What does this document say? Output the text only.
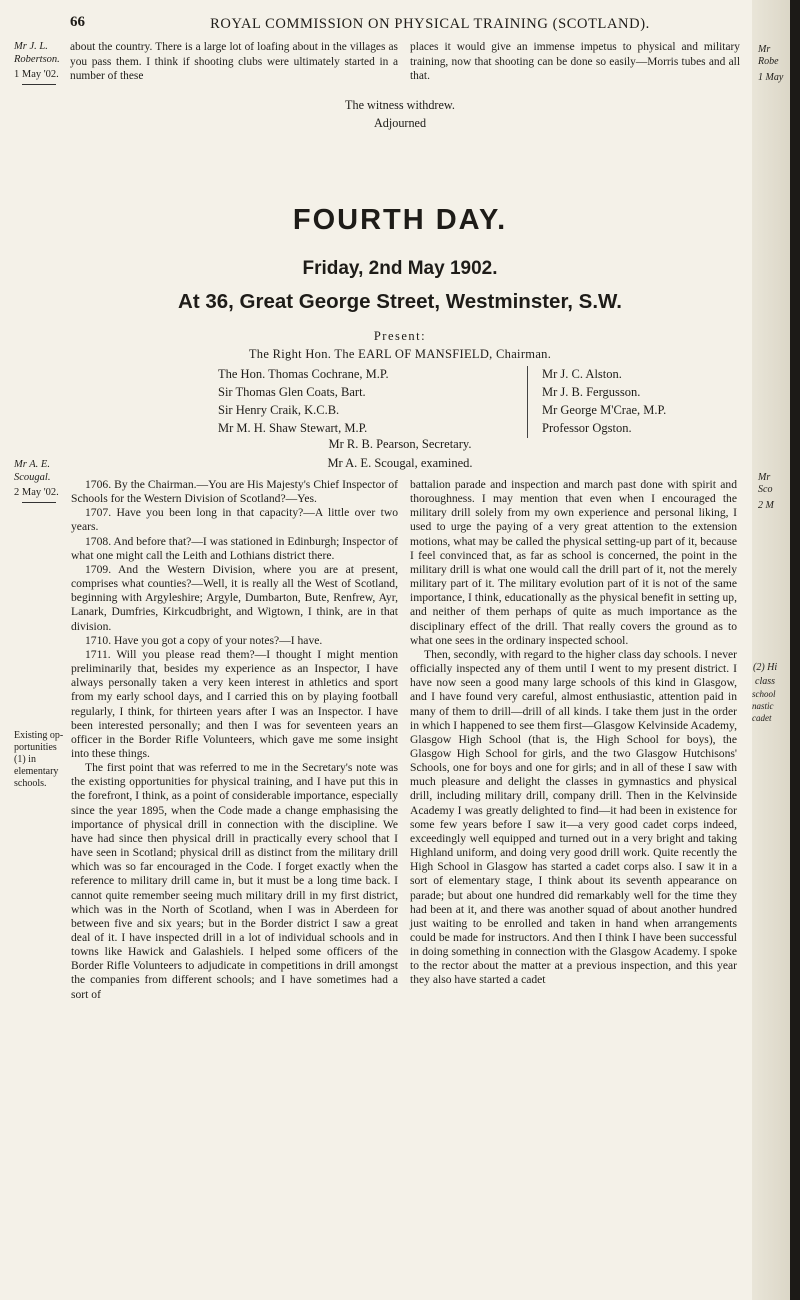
66	ROYAL COMMISSION ON PHYSICAL TRAINING (SCOTLAND).
Mr J. L. Robertson.
1 May '02.

about the country. There is a large lot of loafing about in the villages as you pass them. I think if shooting clubs were ultimately started in a number of these

places it would give an immense impetus to physical and military training, now that shooting can be done so easily—Morris tubes and all that.

The witness withdrew.
Adjourned
FOURTH DAY.
Friday, 2nd May 1902.
At 36, Great George Street, Westminster, S.W.
Present:
The Right Hon. The EARL OF MANSFIELD, Chairman.
The Hon. Thomas Cochrane, M.P.
Sir Thomas Glen Coats, Bart.
Sir Henry Craik, K.C.B.
Mr M. H. Shaw Stewart, M.P.
Mr J. C. Alston.
Mr J. B. Fergusson.
Mr George M'Crae, M.P.
Professor Ogston.
Mr R. B. Pearson, Secretary.
Mr A. E. Scougal, examined.
Mr A. E. Scougal.
2 May '02.
Existing op-portunities (1) in elementary schools.

1706. By the Chairman.—You are His Majesty's Chief Inspector of Schools for the Western Division of Scotland?—Yes.

1707. Have you been long in that capacity?—A little over two years.

1708. And before that?—I was stationed in Edinburgh; Inspector of what one might call the Leith and Lothians district there.

1709. And the Western Division, where you are at present, comprises what counties?—Well, it is really all the West of Scotland, beginning with Argyleshire; Argyle, Dumbarton, Bute, Renfrew, Ayr, Lanark, Dumfries, Kirkcudbright, and Wigtown, I think, are in that division.

1710. Have you got a copy of your notes?—I have.

1711. Will you please read them?—I thought I might mention preliminarily that, besides my experience as an Inspector, I have always personally taken a very keen interest in athletics and sport from my early school days, and I carried this on by playing football regularly, I think, for thirteen years after I was an Inspector. I have been interested personally; and then I was for seventeen years an officer in the Border Rifle Volunteers, which gave me some insight into these things.

The first point that was referred to me in the Secretary's note was the existing opportunities for physical training, and I have put this in the forefront, I think, as a point of considerable importance, especially since the year 1895, when the Code made a change emphasising the importance of physical drill in connection with the discipline. We have had since then physical drill in practically every school that I have seen in Scotland; physical drill as distinct from the military drill which was so far encouraged in the Code. I forget exactly when the reference to military drill came in, but it must be a long time back. I cannot quite remember seeing much military drill in my first district, which was in the North of Scotland, when I was in Aberdeen for between five and six years; but in the Border district I saw a great deal of it. I have inspected drill in a lot of individual schools and in towns like Hawick and Galashiels. I helped some officers of the Border Rifle Volunteers to adjudicate in competitions in drill amongst the companies from different schools; and I have sometimes had a sort of

battalion parade and inspection and march past done with spirit and thoroughness. I may mention that even when I encouraged the military drill solely from my own experience and personal liking, I used to urge the paying of a very great attention to the extension motions, what may be called the physical setting-up part of it, because I feel convinced that, as far as school is concerned, the point in the military drill is what one would call the drill part of it, not the merely military part of it. The military evolution part of it is not of the same importance, I think, educationally as the physical benefit in setting up, and neither of them perhaps of quite as much importance as the disciplinary effect of the drill. That really covers the ground as to what one sees in the ordinary inspected school.

Then, secondly, with regard to the higher class day schools. I never officially inspected any of them until I went to my present district. I have now seen a good many large schools of this kind in Glasgow, and I have found very careful, almost enthusiastic, attention paid in many of them to drill—drill of all kinds. I take them just in the order in which I happened to see them first—Glasgow Kelvinside Academy, Glasgow High School (that is, the High School for boys), the Glasgow High School for girls, and the two Glasgow Hutchisons' Schools, one for boys and one for girls; and in all of these I saw with much pleasure and delight the classes in gymnastics and physical drill, including military drill, company drill. Then in the Kelvinside Academy I was greatly delighted to find—it had been in existence for some few years before I saw it—a very good cadet corps indeed, exceedingly well equipped and turned out in a very bright and taking Highland uniform, and doing very good drill work. Quite recently the High School in Glasgow has started a cadet corps also. I saw it in a sort of elementary stage, I think about its seventh appearance on parade; but about one hundred did remarkably well for the time they had been at it, and there was another squad of about another hundred just waiting to be enrolled and taken in hand when arrangements could be made for instructors. And then I think I have been successful in doing something in connection with the Glasgow Academy. I spoke to the rector about the matter at a previous inspection, and this year they also have started a cadet

Mr
Robe
1 May
Mr
Sco
2 M
(2) Hi
class
school
nastic
cadet
